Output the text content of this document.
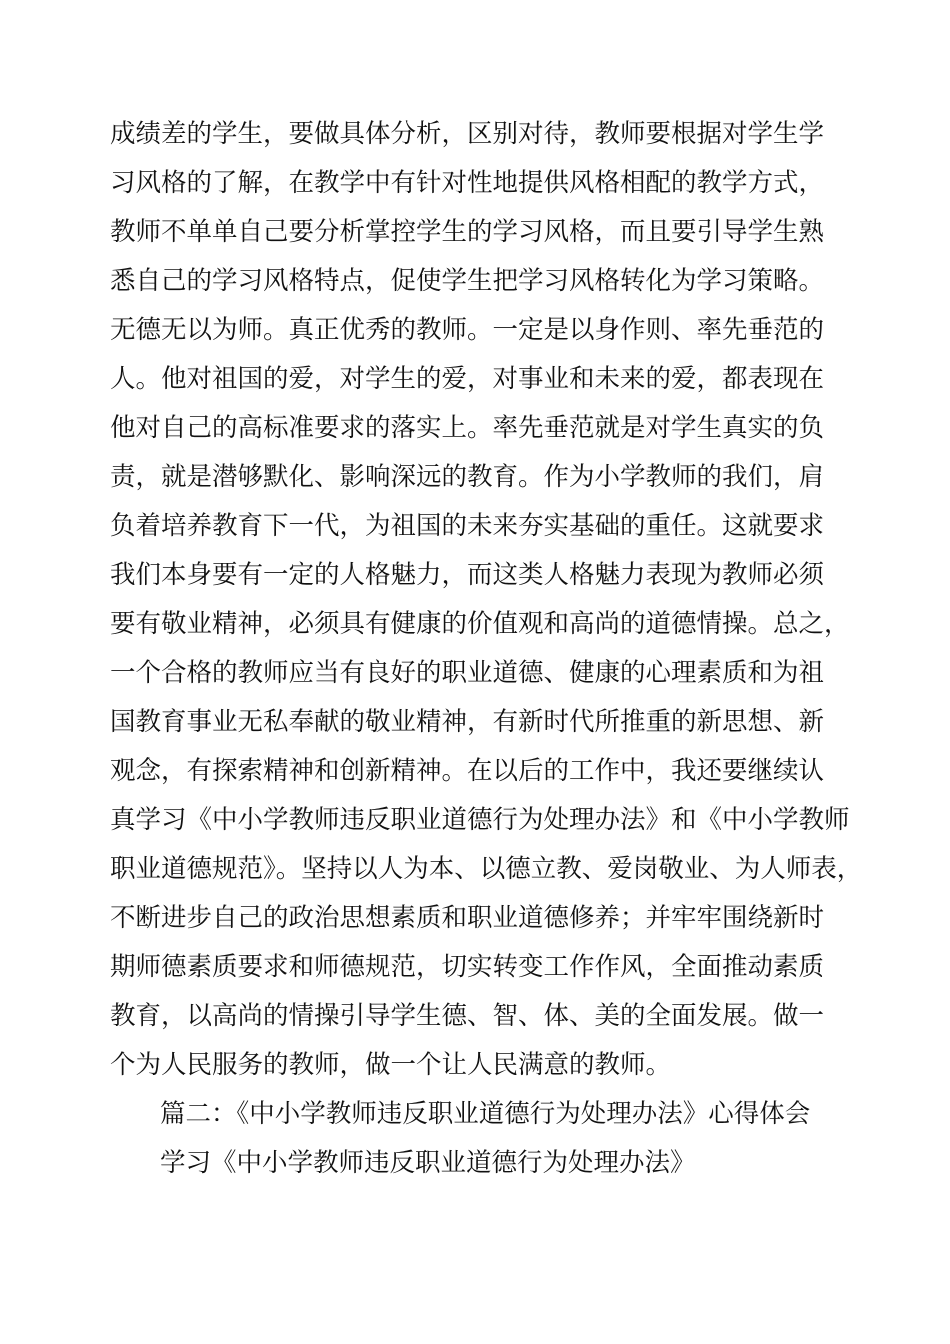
成绩差的学生，要做具体分析，区别对待，教师要根据对学生学
习风格的了解，在教学中有针对性地提供风格相配的教学方式，
教师不单单自己要分析掌控学生的学习风格，而且要引导学生熟
悉自己的学习风格特点，促使学生把学习风格转化为学习策略。
无德无以为师。真正优秀的教师。一定是以身作则、率先垂范的
人。他对祖国的爱，对学生的爱，对事业和未来的爱，都表现在
他对自己的高标准要求的落实上。率先垂范就是对学生真实的负
责，就是潜够默化、影响深远的教育。作为小学教师的我们，肩
负着培养教育下一代，为祖国的未来夯实基础的重任。这就要求
我们本身要有一定的人格魅力，而这类人格魅力表现为教师必须
要有敬业精神，必须具有健康的价值观和高尚的道德情操。总之，
一个合格的教师应当有良好的职业道德、健康的心理素质和为祖
国教育事业无私奉献的敬业精神，有新时代所推重的新思想、新
观念，有探索精神和创新精神。在以后的工作中，我还要继续认
真学习《中小学教师违反职业道德行为处理办法》和《中小学教师
职业道德规范》。坚持以人为本、以德立教、爱岗敬业、为人师表，
不断进步自己的政治思想素质和职业道德修养；并牢牢围绕新时
期师德素质要求和师德规范，切实转变工作作风，全面推动素质
教育，以高尚的情操引导学生德、智、体、美的全面发展。做一
个为人民服务的教师，做一个让人民满意的教师。
篇二：《中小学教师违反职业道德行为处理办法》心得体会
学习《中小学教师违反职业道德行为处理办法》
